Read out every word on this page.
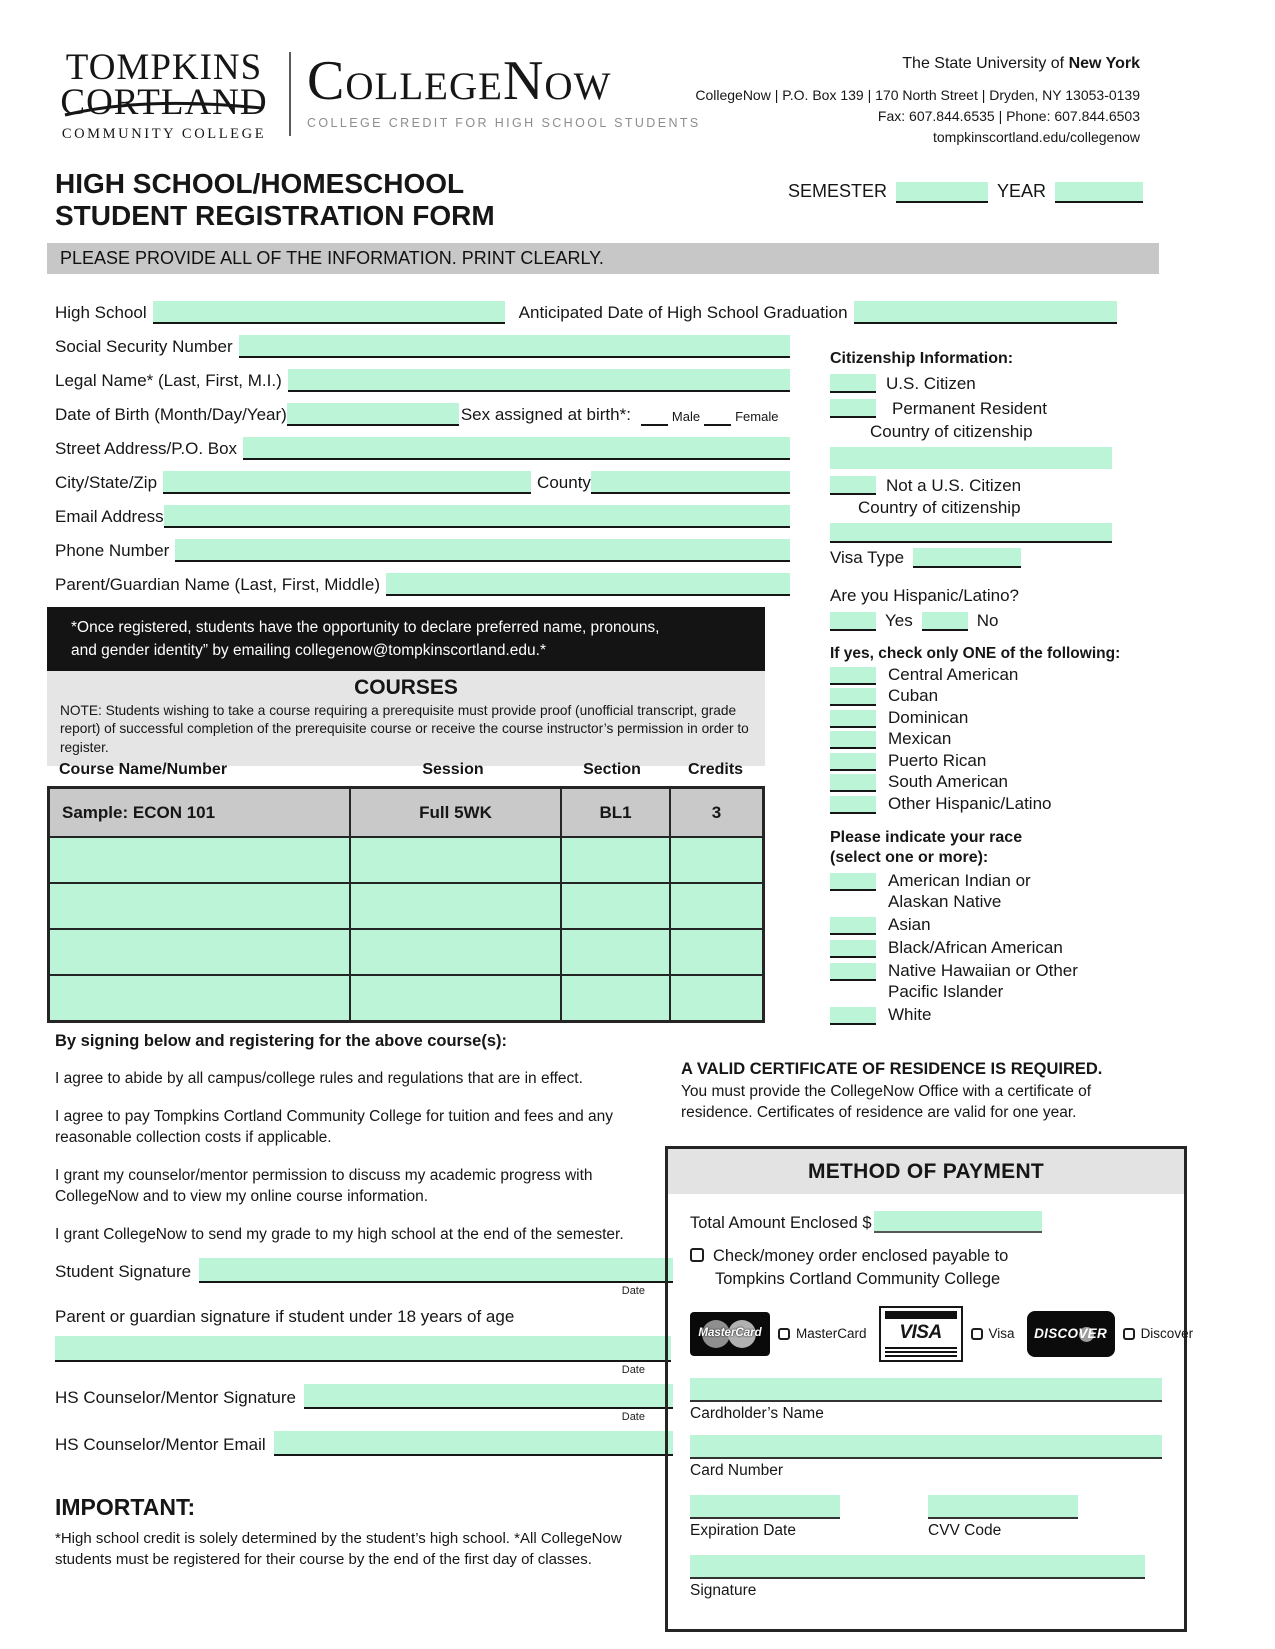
TOMPKINS
CORTLAND
COMMUNITY COLLEGE
CollegeNow
COLLEGE CREDIT FOR HIGH SCHOOL STUDENTS
The State University of New York
CollegeNow | P.O. Box 139 | 170 North Street | Dryden, NY 13053-0139
Fax: 607.844.6535 | Phone: 607.844.6503
tompkinscortland.edu/collegenow
HIGH SCHOOL/HOMESCHOOL
STUDENT REGISTRATION FORM
SEMESTER	YEAR
PLEASE PROVIDE ALL OF THE INFORMATION. PRINT CLEARLY.
High School	Anticipated Date of High School Graduation
Social Security Number
Legal Name* (Last, First, M.I.)
Date of Birth (Month/Day/Year)	Sex assigned at birth*:	Male	Female
Street Address/P.O. Box
City/State/Zip	County
Email Address
Phone Number
Parent/Guardian Name (Last, First, Middle)
Citizenship Information:
U.S. Citizen
Permanent Resident
Country of citizenship
Not a U.S. Citizen
Country of citizenship
Visa Type
Are you Hispanic/Latino?
Yes	No
If yes, check only ONE of the following:
Central American
Cuban
Dominican
Mexican
Puerto Rican
South American
Other Hispanic/Latino
Please indicate your race
(select one or more):
American Indian or
Alaskan Native
Asian
Black/African American
Native Hawaiian or Other
Pacific Islander
White
*Once registered, students have the opportunity to declare preferred name, pronouns,
and gender identity” by emailing collegenow@tompkinscortland.edu.*
COURSES
NOTE: Students wishing to take a course requiring a prerequisite must provide proof (unofficial transcript, grade report) of successful completion of the prerequisite course or receive the course instructor’s permission in order to register.
Course Name/Number	Session	Section	Credits
Sample: ECON 101	Full 5WK	BL1	3
By signing below and registering for the above course(s):

I agree to abide by all campus/college rules and regulations that are in effect.

I agree to pay Tompkins Cortland Community College for tuition and fees and any reasonable collection costs if applicable.

I grant my counselor/mentor permission to discuss my academic progress with CollegeNow and to view my online course information.

I grant CollegeNow to send my grade to my high school at the end of the semester.

Student Signature
Date
Parent or guardian signature if student under 18 years of age
Date
HS Counselor/Mentor Signature
Date
HS Counselor/Mentor Email
IMPORTANT:
*High school credit is solely determined by the student’s high school. *All CollegeNow students must be registered for their course by the end of the first day of classes.
A VALID CERTIFICATE OF RESIDENCE IS REQUIRED.
You must provide the CollegeNow Office with a certificate of residence. Certificates of residence are valid for one year.
METHOD OF PAYMENT
Total Amount Enclosed $
Check/money order enclosed payable to
Tompkins Cortland Community College
MasterCard	MasterCard	VISA	Visa DISCOVER Discover
Cardholder’s Name
Card Number
Expiration Date	CVV Code
Signature
